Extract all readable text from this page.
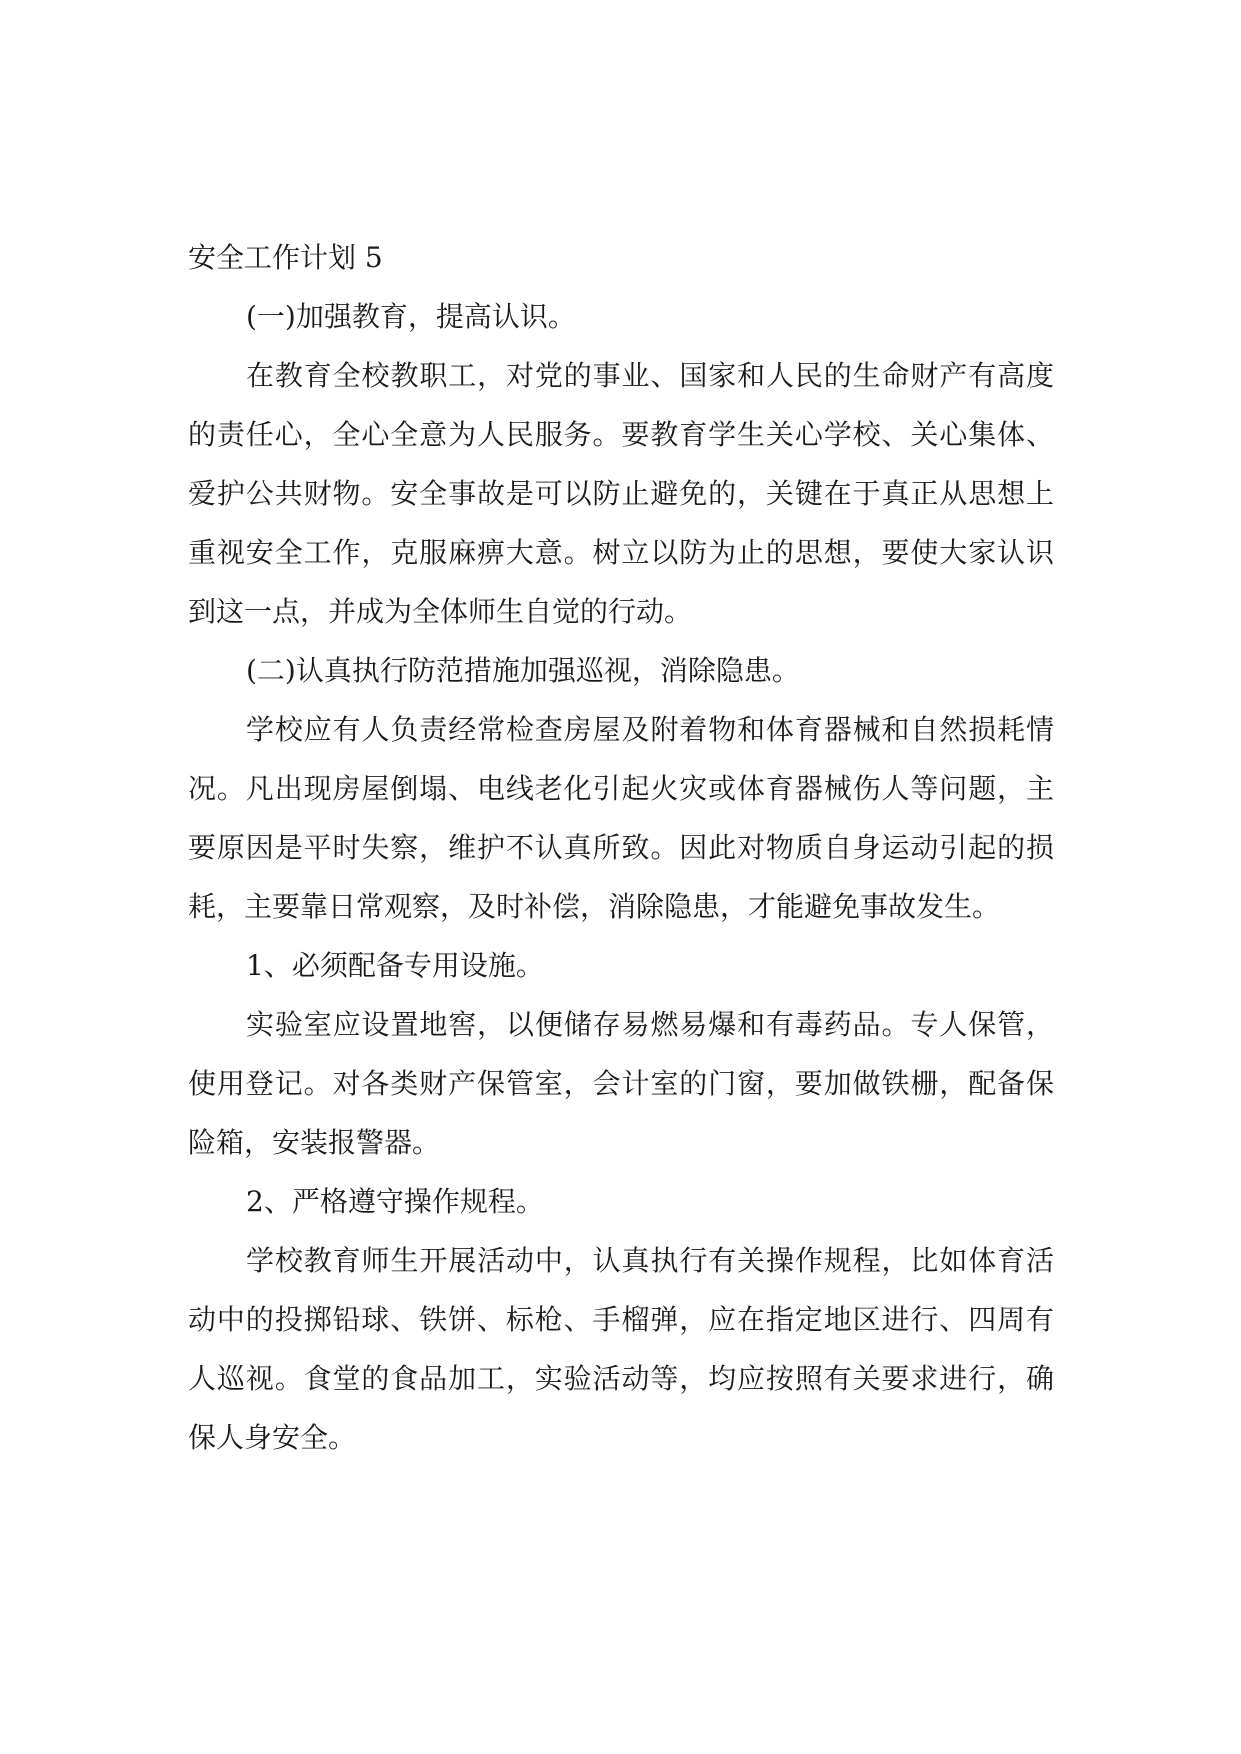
安全工作计划 5

(一)加强教育，提高认识。

在教育全校教职工，对党的事业、国家和人民的生命财产有高度的责任心，全心全意为人民服务。要教育学生关心学校、关心集体、爱护公共财物。安全事故是可以防止避免的，关键在于真正从思想上重视安全工作，克服麻痹大意。树立以防为止的思想，要使大家认识到这一点，并成为全体师生自觉的行动。

(二)认真执行防范措施加强巡视，消除隐患。

学校应有人负责经常检查房屋及附着物和体育器械和自然损耗情况。凡出现房屋倒塌、电线老化引起火灾或体育器械伤人等问题，主要原因是平时失察，维护不认真所致。因此对物质自身运动引起的损耗，主要靠日常观察，及时补偿，消除隐患，才能避免事故发生。

1、必须配备专用设施。

实验室应设置地窖，以便储存易燃易爆和有毒药品。专人保管，使用登记。对各类财产保管室，会计室的门窗，要加做铁栅，配备保险箱，安装报警器。

2、严格遵守操作规程。

学校教育师生开展活动中，认真执行有关操作规程，比如体育活动中的投掷铅球、铁饼、标枪、手榴弹，应在指定地区进行、四周有人巡视。食堂的食品加工，实验活动等，均应按照有关要求进行，确保人身安全。
